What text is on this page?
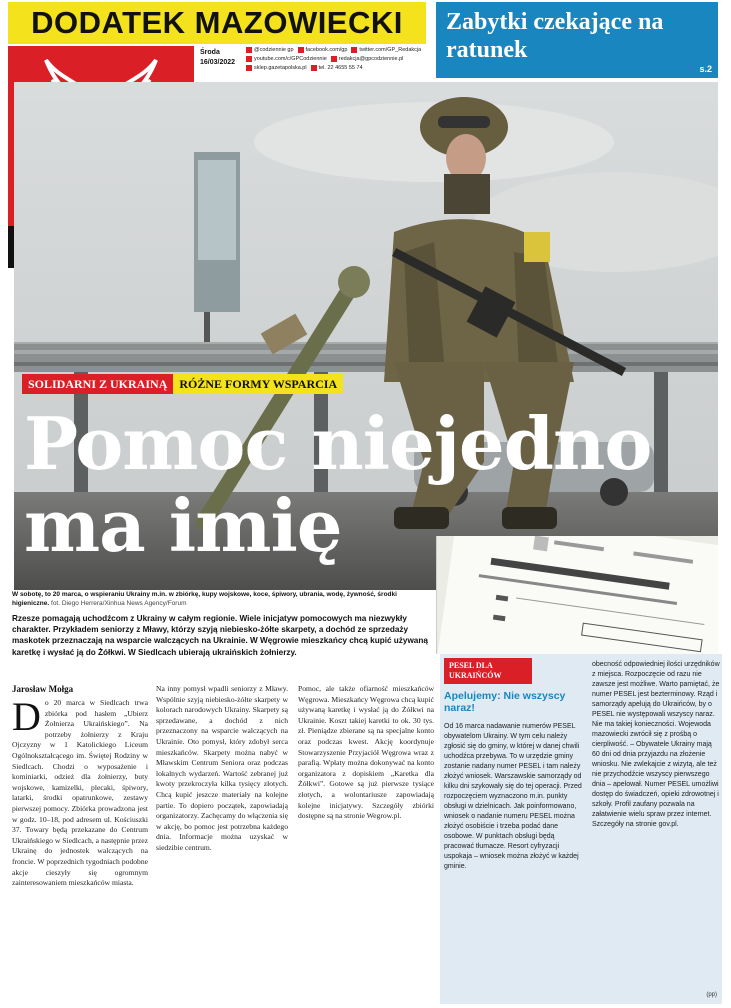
DODATEK MAZOWIECKI	Zabytki czekające na ratunek
s.2
Środa
16/03/2022
@codziennie gp	facebook.com/gp	twitter.com/GP_Redakcja
youtube.com/c/GPCodziennie	redakcja@gpcodziennie.pl
sklep.gazetapolska.pl	tel. 22 4655 55 74
SOLIDARNI Z UKRAINĄ	RÓŻNE FORMY WSPARCIA
Pomoc niejedno
ma imię
W sobotę, to 20 marca, o wspieraniu Ukrainy m.in. w zbiórkę, kupy wojskowe, koce, śpiwory, ubrania, wodę, żywność, środki higieniczne. fot. Diego Herrera/Xinhua News Agency/Forum
Rzesze pomagają uchodźcom z Ukrainy w całym regionie. Wiele inicjatyw pomocowych ma niezwykły charakter. Przykładem seniorzy z Mławy, którzy szyją niebiesko-żółte skarpety, a dochód ze sprzedaży maskotek przeznaczają na wsparcie walczących na Ukrainie. W Węgrowie mieszkańcy chcą kupić używaną karetkę i wysłać ją do Żółkwi. W Siedlcach ubierają ukraińskich żołnierzy.
Jarosław Mołga
D o 20 marca w Siedlcach trwa zbiórka pod hasłem „Ubierz Żołnierza Ukraińskiego”. Na potrzeby żołnierzy z Kraju Ojczyzny w 1 Katolickiego Liceum Ogólnokształcącego im. Świętej Rodziny w Siedlcach. Chodzi o wyposażenie i kominiarki, odzież dla żołnierzy, buty wojskowe, kamizelki, plecaki, śpiwory, latarki, środki opatrunkowe, zestawy pierwszej pomocy. Zbiórka prowadzona jest w godz. 10–18, pod adresem ul. Kościuszki 37. Towary będą przekazane do Centrum Ukraińskiego w Siedlcach, a następnie przez Ukrainę do jednostek walczących na froncie. W poprzednich tygodniach podobne akcje cieszyły się ogromnym zainteresowaniem mieszkańców miasta.
Na inny pomysł wpadli seniorzy z Mławy. Wspólnie szyją niebiesko-żółte skarpety w kolorach narodowych Ukrainy. Skarpety są sprzedawane, a dochód z nich przeznaczony na wsparcie walczących na Ukrainie. Oto pomysł, który zdobył serca mieszkańców. Skarpety można nabyć w Mławskim Centrum Seniora oraz podczas lokalnych wydarzeń. Wartość zebranej już kwoty przekroczyła kilka tysięcy złotych. Chcą kupić jeszcze materiały na kolejne partie. To dopiero początek, zapowiadają organizatorzy. Zachęcamy do włączenia się w akcję, bo pomoc jest potrzebna każdego dnia. Informacje można uzyskać w siedzibie centrum.
Pomoc, ale także ofiarność mieszkańców Węgrowa. Mieszkańcy Węgrowa chcą kupić używaną karetkę i wysłać ją do Żółkwi na Ukrainie. Koszt takiej karetki to ok. 30 tys. zł. Pieniądze zbierane są na specjalne konto oraz podczas kwest. Akcję koordynuje Stowarzyszenie Przyjaciół Węgrowa wraz z parafią. Wpłaty można dokonywać na konto organizatora z dopiskiem „Karetka dla Żółkwi”. Gotowe są już pierwsze tysiące złotych, a wolontariusze zapowiadają kolejne inicjatywy. Szczegóły zbiórki dostępne są na stronie Wegrow.pl.
PESEL DLA UKRAIŃCÓW
Apelujemy: Nie wszyscy naraz!
Od 16 marca nadawanie numerów PESEL obywatelom Ukrainy. W tym celu należy zgłosić się do gminy, w której w danej chwili uchodźca przebywa. To w urzędzie gminy zostanie nadany numer PESEL i tam należy złożyć wniosek. Warszawskie samorządy od kilku dni szykowały się do tej operacji. Przed rozpoczęciem wyznaczono m.in. punkty obsługi w dzielnicach. Jak poinformowano, wniosek o nadanie numeru PESEL można złożyć osobiście i trzeba podać dane osobowe. W punktach obsługi będą pracować tłumacze. Resort cyfryzacji uspokaja – wniosek można złożyć w każdej gminie.
obecność odpowiedniej ilości urzędników z miejsca. Rozpoczęcie od razu nie zawsze jest możliwe. Warto pamiętać, że numer PESEL jest bezterminowy. Rząd i samorządy apelują do Ukraińców, by o PESEL nie występowali wszyscy naraz. Nie ma takiej konieczności. Wojewoda mazowiecki zwrócił się z prośbą o cierpliwość. – Obywatele Ukrainy mają 60 dni od dnia przyjazdu na złożenie wniosku. Nie zwlekajcie z wizytą, ale też nie przychodźcie wszyscy pierwszego dnia – apelował. Numer PESEL umożliwi dostęp do świadczeń, opieki zdrowotnej i szkoły. Profil zaufany pozwala na załatwienie wielu spraw przez internet. Szczegóły na stronie gov.pl.
(pp)
